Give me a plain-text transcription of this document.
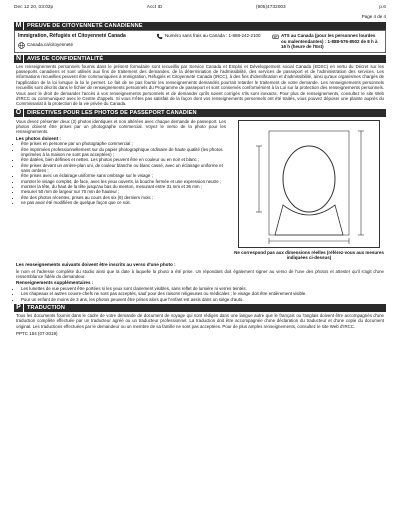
Dec 12 20, 03:02p	Acct ID	(905)4732003	p.6
Page 4 de 4
M PREUVE DE CITOYENNETÉ CANADIENNE
Immigration, Réfugiés et Citoyenneté Canada
Canada.ca/citoyenneté
Numéro sans frais au Canada : 1-888-242-2100	ATS au Canada (pour les personnes lourdes ou malentendantes) : 1-888-576-8502 de 8 h à 16 h (heure de l'Est)
N	AVIS DE CONFIDENTIALITÉ
Les renseignements personnels fournis dans le présent formulaire sont recueillis par Service Canada et Emploi et Développement social Canada (EDSC) en vertu du Décret sur les passeports canadiens et sont utilisés aux fins de traitement des demandes, de la détermination de l'admissibilité, des services de passeport et de l'administration des services. Les informations recueillies peuvent être communiquées à Immigration, Réfugiés et Citoyenneté Canada (IRCC), à des fins d'identification et d'admissibilité, ainsi qu'aux organismes chargés de l'application de la loi lorsque la loi le permet. Le fait de ne pas fournir les renseignements demandés pourrait retarder le traitement de votre demande. Les renseignements personnels recueillis sont décrits dans le fichier de renseignements personnels du Programme de passeport et sont conservés conformément à la Loi sur la protection des renseignements personnels. Vous avez le droit de demander l'accès à vos renseignements personnels et de demander qu'ils soient corrigés s'ils sont inexacts. Pour plus de renseignements, consultez le site Web d'IRCC ou communiquez avec le Centre d'appels. Si vous n'êtes pas satisfait de la façon dont vos renseignements personnels ont été traités, vous pouvez déposer une plainte auprès du Commissariat à la protection de la vie privée du Canada.
O	DIRECTIVES POUR LES PHOTOS DE PASSEPORT CANADIEN
Vous devez présenter deux (2) photos identiques et non altérées avec chaque demande de passeport. Les photos doivent être prises par un photographe commercial. Voyez le verso de la photo pour les renseignements.
Les photos doivent :
• être prises en personne par un photographe commercial ;
• être imprimées professionnellement sur du papier photographique ordinaire de haute qualité (les photos imprimées à la maison ne sont pas acceptées) ;
• être datées, bien définies et nettes. Les photos peuvent être en couleur ou en noir et blanc ;
• être prises devant un arrière-plan uni, de couleur blanche ou blanc cassé, avec un éclairage uniforme et sans ombres ;
• être prises avec un éclairage uniforme sans ombrage sur le visage ;
• montrer le visage complet, de face, avec les yeux ouverts, la bouche fermée et une expression neutre ;
• montrer la tête, du haut de la tête jusqu'au bas du menton, mesurant entre 31 mm et 36 mm ;
• mesurer 50 mm de largeur sur 70 mm de hauteur ;
• être des photos récentes, prises au cours des six (6) derniers mois ;
• ne pas avoir été modifiées de quelque façon que ce soit.
Ne correspond pas aux dimensions réelles (référez-vous aux mesures indiquées ci-dessus)
Les renseignements suivants doivent être inscrits au verso d'une photo :
le nom et l'adresse complète du studio ainsi que la date à laquelle la photo a été prise. Un répondant doit également signer au verso de l'une des photos et attester qu'il s'agit d'une ressemblance fidèle du demandeur.
Renseignements supplémentaires :
• Les lunettes de vue peuvent être portées si les yeux sont clairement visibles, sans reflet de lumière ni verres teintés.
• Les chapeaux et autres couvre-chefs ne sont pas acceptés, sauf pour des raisons religieuses ou médicales ; le visage doit être entièrement visible.
• Pour un enfant de moins de 3 ans, les photos peuvent être prises alors que l'enfant est assis dans un siège d'auto.
P	TRADUCTION
Tous les documents fournis dans le cadre de votre demande de document de voyage qui sont rédigés dans une langue autre que le français ou l'anglais doivent être accompagnés d'une traduction complète effectuée par un traducteur agréé ou un traducteur professionnel. La traduction doit être accompagnée d'une déclaration du traducteur et d'une copie du document original. Les traductions effectuées par le demandeur ou un membre de sa famille ne sont pas acceptées. Pour de plus amples renseignements, consultez le site Web d'IRCC.
PPTC 154 (07-2019)
